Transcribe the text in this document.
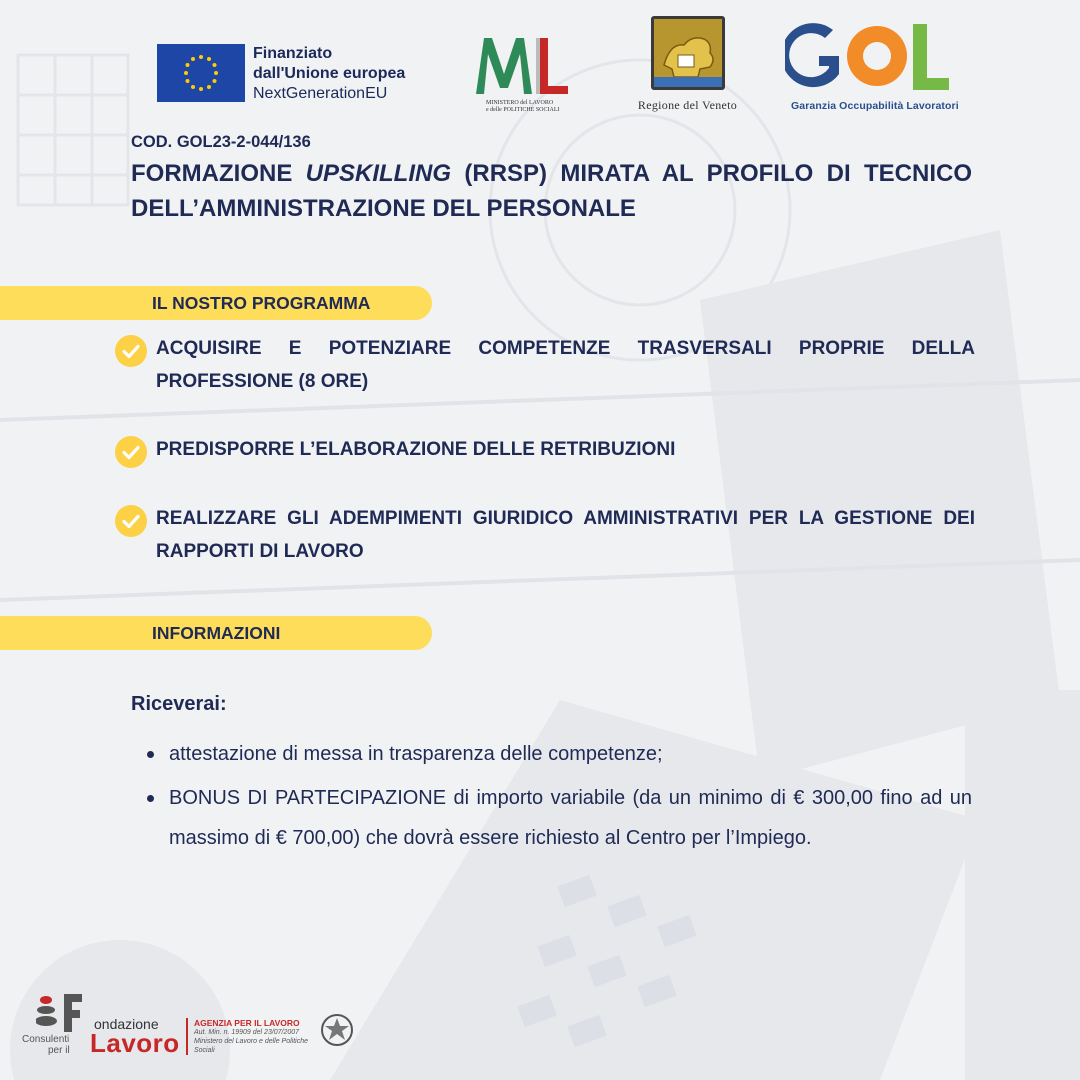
Finanziato
dall'Unione europea
NextGenerationEU
MINISTERO del LAVORO
e delle POLITICHE SOCIALI	Regione del Veneto	Garanzia Occupabilità Lavoratori
COD. GOL23-2-044/136
FORMAZIONE UPSKILLING (RRSP) MIRATA AL PROFILO DI TECNICO DELL’AMMINISTRAZIONE DEL PERSONALE
IL NOSTRO PROGRAMMA
ACQUISIRE E POTENZIARE COMPETENZE TRASVERSALI PROPRIE DELLA PROFESSIONE (8 ORE)
PREDISPORRE L’ELABORAZIONE DELLE RETRIBUZIONI
REALIZZARE GLI ADEMPIMENTI GIURIDICO AMMINISTRATIVI PER LA GESTIONE DEI RAPPORTI DI LAVORO
INFORMAZIONI
Riceverai:
attestazione di messa in trasparenza delle competenze;
BONUS DI PARTECIPAZIONE di importo variabile (da un minimo di € 300,00 fino ad un massimo di € 700,00) che dovrà essere richiesto al Centro per l’Impiego.
Consulenti
per il
ondazione
Lavoro
AGENZIA PER IL LAVORO
Aut. Min. n. 19909 del 23/07/2007
Ministero del Lavoro e delle Politiche Sociali
